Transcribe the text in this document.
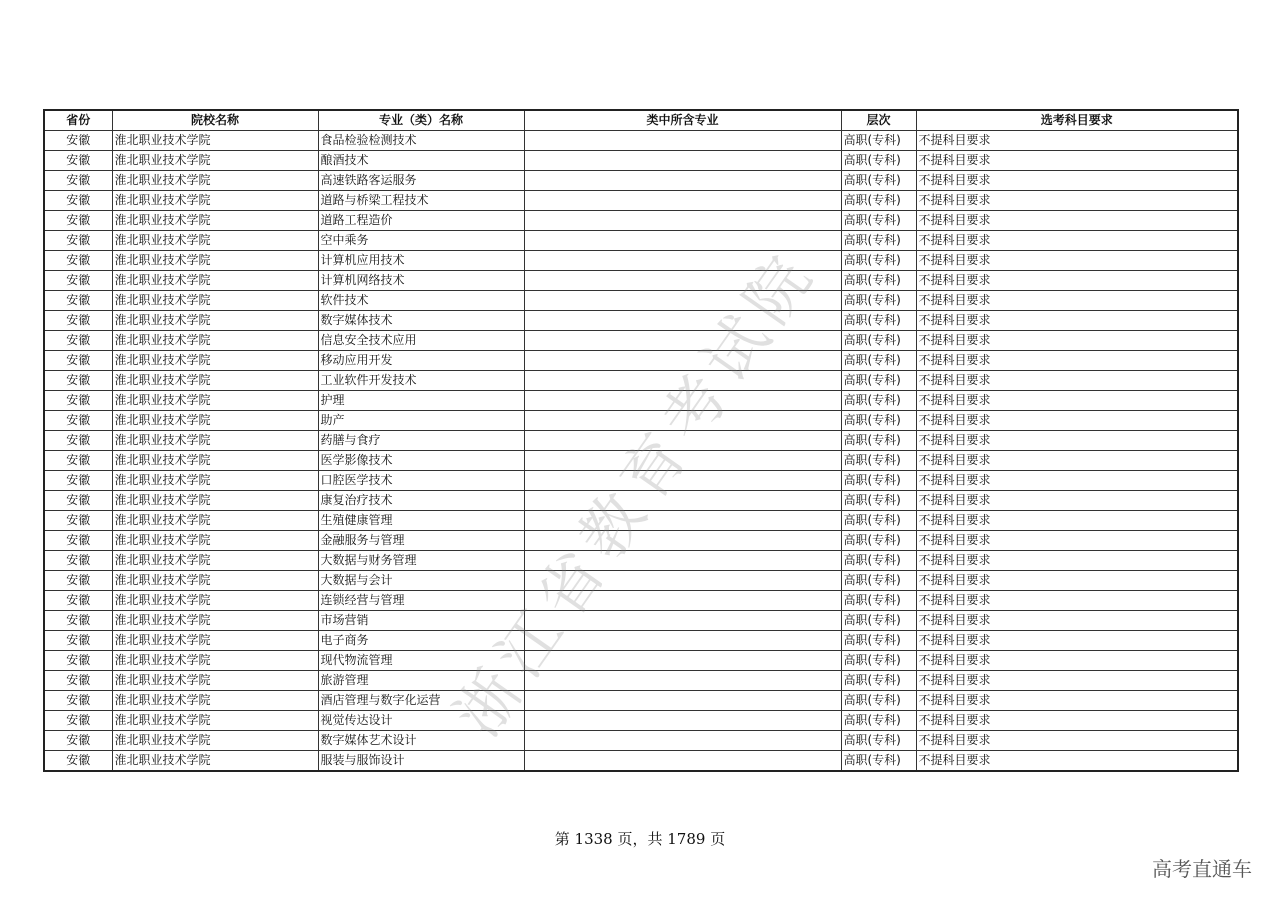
省份	院校名称	专业（类）名称	类中所含专业	层次	选考科目要求
安徽	淮北职业技术学院	食品检验检测技术		高职(专科)	不提科目要求
安徽	淮北职业技术学院	酿酒技术		高职(专科)	不提科目要求
安徽	淮北职业技术学院	高速铁路客运服务		高职(专科)	不提科目要求
安徽	淮北职业技术学院	道路与桥梁工程技术		高职(专科)	不提科目要求
安徽	淮北职业技术学院	道路工程造价		高职(专科)	不提科目要求
安徽	淮北职业技术学院	空中乘务		高职(专科)	不提科目要求
安徽	淮北职业技术学院	计算机应用技术		高职(专科)	不提科目要求
安徽	淮北职业技术学院	计算机网络技术		高职(专科)	不提科目要求
安徽	淮北职业技术学院	软件技术		高职(专科)	不提科目要求
安徽	淮北职业技术学院	数字媒体技术		高职(专科)	不提科目要求
安徽	淮北职业技术学院	信息安全技术应用		高职(专科)	不提科目要求
安徽	淮北职业技术学院	移动应用开发		高职(专科)	不提科目要求
安徽	淮北职业技术学院	工业软件开发技术		高职(专科)	不提科目要求
安徽	淮北职业技术学院	护理		高职(专科)	不提科目要求
安徽	淮北职业技术学院	助产		高职(专科)	不提科目要求
安徽	淮北职业技术学院	药膳与食疗		高职(专科)	不提科目要求
安徽	淮北职业技术学院	医学影像技术		高职(专科)	不提科目要求
安徽	淮北职业技术学院	口腔医学技术		高职(专科)	不提科目要求
安徽	淮北职业技术学院	康复治疗技术		高职(专科)	不提科目要求
安徽	淮北职业技术学院	生殖健康管理		高职(专科)	不提科目要求
安徽	淮北职业技术学院	金融服务与管理		高职(专科)	不提科目要求
安徽	淮北职业技术学院	大数据与财务管理		高职(专科)	不提科目要求
安徽	淮北职业技术学院	大数据与会计		高职(专科)	不提科目要求
安徽	淮北职业技术学院	连锁经营与管理		高职(专科)	不提科目要求
安徽	淮北职业技术学院	市场营销		高职(专科)	不提科目要求
安徽	淮北职业技术学院	电子商务		高职(专科)	不提科目要求
安徽	淮北职业技术学院	现代物流管理		高职(专科)	不提科目要求
安徽	淮北职业技术学院	旅游管理		高职(专科)	不提科目要求
安徽	淮北职业技术学院	酒店管理与数字化运营		高职(专科)	不提科目要求
安徽	淮北职业技术学院	视觉传达设计		高职(专科)	不提科目要求
安徽	淮北职业技术学院	数字媒体艺术设计		高职(专科)	不提科目要求
安徽	淮北职业技术学院	服装与服饰设计		高职(专科)	不提科目要求
浙江省教育考试院
第 1338 页，共 1789 页
高考直通车
